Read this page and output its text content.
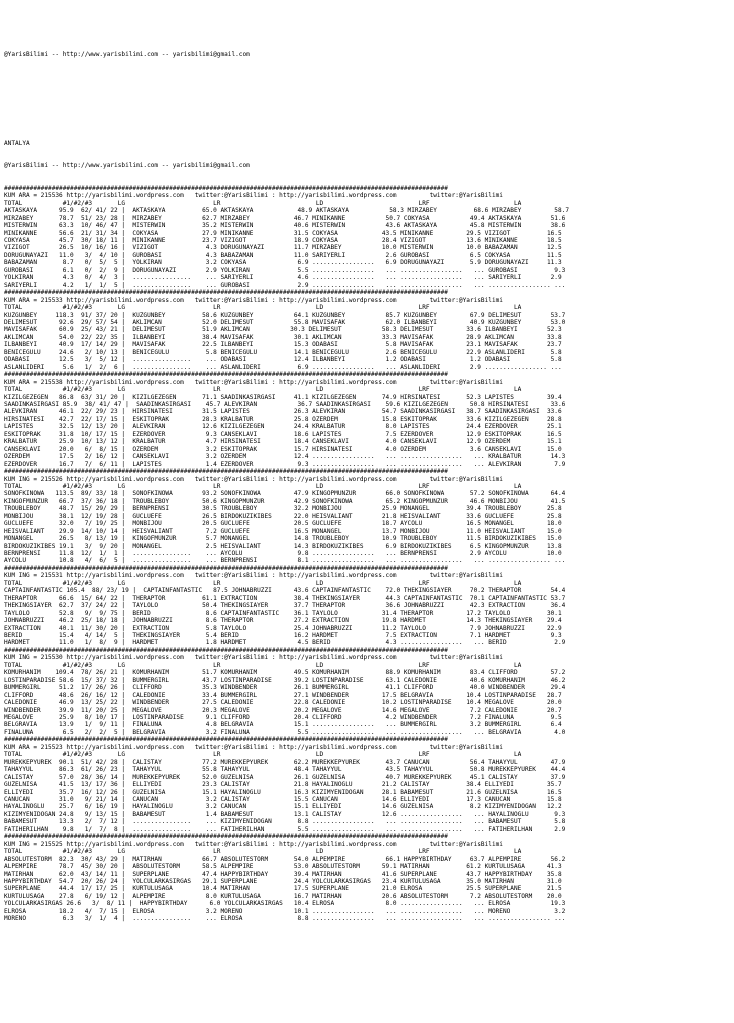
@YarisBilimi -- http://www.yarisbilimi.com -- yarisbilimi@gmail.com

ANTALYA

@YarisBilimi -- http://www.yarisbilimi.com -- yarisbilimi@gmail.com

#########################################################################################################################
KUM ARA = 215536 http://yarisbilimi.wordpress.com   twitter:@YarisBilimi : http://yarisbilimi.wordpress.com         twitter:@YarisBilimi
TOTAL           #1/#2/#3       LG                        LR                          LD                          LRF                       LA
AKTASKAYA      95.9  62/ 41/ 22 |  AKTASKAYA          65.0 AKTASKAYA            48.9 AKTASKAYA           58.3 MIRZABEY          68.6 MIRZABEY         58.7
MIRZABEY       78.7  51/ 23/ 28 |  MIRZABEY           62.7 MIRZABEY            46.7 MINIKANNE           50.7 COKYASA           49.4 AKTASKAYA        51.6
MISTERWIN      63.3  10/ 46/ 47 |  MISTERWIN          35.2 MISTERWIN           40.6 MISTERWIN           43.6 AKTASKAYA         45.8 MISTERWIN        38.6
MINIKANNE      56.6  21/ 31/ 34 |  COKYASA            27.9 MINIKANNE           31.5 COKYASA            43.5 MINIKANNE         29.5 VIZIGOT          16.5
COKYASA        45.7  30/ 18/ 11 |  MINIKANNE          23.7 VIZIGOT             18.9 COKYASA            28.4 VIZIGOT           13.6 MINIKANNE        18.5
VIZIGOT        26.5  10/ 16/ 16 |  VIZIGOT             4.3 DORUGUNAYAZI        11.7 MIRZABEY           10.0 MISTERWIN         10.0 BABAZAMAN        12.5
DORUGUNAYAZI   11.0   3/  4/ 10 |  GUROBASI            4.3 BABAZAMAN           11.0 SARIYERLI           2.6 GUROBASI           6.5 COKYASA          11.5
BABAZAMAN       8.7   0/  5/  5 |  YOLKIRAN            3.2 COKYASA              6.9 .................   6.9 DORUGUNAYAZI       5.9 DORUGUNAYAZI     11.3
GUROBASI        6.1   0/  2/  9 |  DORUGUNAYAZI        2.9 YOLKIRAN             5.5 .................   ... .................   ... GUROBASI          9.3
YOLKIRAN        4.3   0/  4/  3 |  ................    ... SARIYERLI            4.6 .................   ... .................   ... SARIYERLI        2.9
SARIYERLI       4.2   1/  1/  5 |  ................    ... GUROBASI             2.9 .................   ... .................   ... ................. ...
#########################################################################################################################
KUM ARA = 215533 http://yarisbilimi.wordpress.com   twitter:@YarisBilimi : http://yarisbilimi.wordpress.com         twitter:@YarisBilimi
TOTAL           #1/#2/#3       LG                        LR                          LD                          LRF                       LA
KUZGUNBEY     118.3  91/ 37/ 20 |  KUZGUNBEY          58.6 KUZGUNBEY           64.1 KUZGUNBEY           85.7 KUZGUNBEY         67.9 DELIMESUT        53.7
DELIMESUT      92.6  29/ 57/ 54 |  AKLIMCAN           52.0 DELIMESUT           55.8 MAVISAFAK           62.0 ILBANBEYI         40.9 KUZGUNBEY        53.0
MAVISAFAK      60.9  25/ 43/ 21 |  DELIMESUT          51.9 AKLIMCAN           30.3 DELIMESUT           58.3 DELIMESUT         33.6 ILBANBEYI        52.3
AKLIMCAN       54.0  22/ 22/ 35 |  ILBANBEYI          38.4 MAVISAFAK           30.1 AKLIMCAN           33.3 MAVISAFAK         28.9 AKLIMCAN         33.8
ILBANBEYI      40.9  17/ 14/ 29 |  MAVISAFAK          22.5 ILBANBEYI           15.3 ODABASI             5.8 MAVISAFAK         23.1 MAVISAFAK        23.7
BENICEGULU     24.6   2/ 10/ 13 |  BENICEGULU          5.8 BENICEGULU          14.1 BENICEGULU          2.6 BENICEGULU        22.9 ASLANLIDERI       5.8
ODABASI        12.5   3/  5/ 12 |  ................    ... ODABASI             12.4 ILBANBEYI           1.2 ODABASI            1.2 ODABASI           5.8
ASLANLIDERI     5.6   1/  2/  6 |  ................    ... ASLANLIDERI          6.9 .................   ... ASLANLIDERI        2.9 ................. ...
#########################################################################################################################
KUM ARA = 215538 http://yarisbilimi.wordpress.com   twitter:@YarisBilimi : http://yarisbilimi.wordpress.com         twitter:@YarisBilimi
TOTAL           #1/#2/#3       LG                        LR                          LD                          LRF                       LA
KIZILGEZEGEN   86.8  63/ 31/ 20 |  KIZILGEZEGEN       71.1 SAADINKASIRGASI     41.1 KIZILGEZEGEN       74.9 HIRSINATESI       52.3 LAPISTES         39.4
SAADINKASIRGASI 85.9  38/ 41/ 47 |  SAADINKASIRGASI    45.7 ALEVKIRAN           36.7 SAADINKASIRGASI    59.6 KIZILGEZEGEN      50.8 HIRSINATESI      33.6
ALEVKIRAN      46.1  22/ 29/ 23 |  HIRSINATESI        31.5 LAPISTES            26.3 ALEVKIRAN          54.7 SAADINKASIRGASI   38.7 SAADINKASIRGASI  33.6
HIRSINATESI    42.7  22/ 17/ 15 |  ESKITOPRAK         28.3 KRALBATUR           25.8 OZERDEM            15.8 ESKITOPRAK        33.6 KIZILGEZEGEN     28.8
LAPISTES       32.5  12/ 13/ 20 |  ALEVKIRAN          12.6 KIZILGEZEGEN        24.4 KRALBATUR           8.0 LAPISTES          24.4 EZERDOVER        25.1
ESKITOPRAK     31.8  10/ 17/ 15 |  EZERDOVER           9.3 CANSEKLAVI          18.6 LAPISTES            7.5 EZERDOVER         12.9 ESKITOPRAK       16.5
KRALBATUR      25.9  10/ 13/ 12 |  KRALBATUR           4.7 HIRSINATESI         18.4 CANSEKLAVI          4.0 CANSEKLAVI        12.9 OZERDEM          15.1
CANSEKLAVI     20.0   6/  8/ 15 |  OZERDEM             3.2 ESKITOPRAK          15.7 HIRSINATESI         4.0 OZERDEM            3.6 CANSEKLAVI       15.0
OZERDEM        17.5   2/ 16/ 12 |  CANSEKLAVI          3.2 OZERDEM             12.4 .................   ... .................   ... KRALBATUR        14.3
EZERDOVER      16.7   7/  6/ 11 |  LAPISTES            1.4 EZERDOVER            9.3 .................   ... .................   ... ALEVKIRAN         7.9
#########################################################################################################################
KUM ING = 215526 http://yarisbilimi.wordpress.com   twitter:@YarisBilimi : http://yarisbilimi.wordpress.com         twitter:@YarisBilimi
TOTAL           #1/#2/#3       LG                        LR                          LD                          LRF                       LA
SONOFKINOWA   113.5  89/ 33/ 18 |  SONOFKINOWA        93.2 SONOFKINOWA         47.9 KINGOPMUNZUR        66.0 SONOFKINOWA       57.2 SONOFKINOWA      64.4
KINGOFMUNZUR   66.7  37/ 36/ 18 |  TROUBLEBOY         50.6 KINGOPMUNZUR        42.9 SONOFKINOWA         65.2 KINGOPMUNZUR      46.6 MONBIJOU         41.5
TROUBLEBOY     48.7  15/ 29/ 29 |  BERNPRENSI         30.5 TROUBLEBOY          32.2 MONBIJOU           25.9 MONANGEL          39.4 TROUBLEBOY       25.8
MONBIJOU       38.1  12/ 19/ 28 |  GUCLUEFE           26.5 BIRDOKUZIKIBES      22.0 HEISVALIANT        21.8 HEISVALIANT       33.6 GUCLUEFE         25.8
GUCLUEFE       32.0   7/ 19/ 25 |  MONBIJOU           20.5 GUCLUEFE            20.5 GUCLUEFE           18.7 AYCOLU            16.5 MONANGEL         18.0
HEISVALIANT    29.9  14/ 10/ 14 |  HEISVALIANT         7.2 GUCLUEFE            16.5 MONANGEL           13.7 MONBIJOU          11.0 HEISVALIANT      15.0
MONANGEL       26.5   8/ 13/ 19 |  KINGOFMUNZUR        5.7 MONANGEL            14.8 TROUBLEBOY         10.9 TROUBLEBOY        11.5 BIRDOKUZIKIBES   15.0
BIRDOKUZIKIBES 19.1   3/  9/ 20 |  MONANGEL            2.5 HEISVALIANT         14.3 BIRDOKUZIKIBES      6.9 BIRDOKUZIKIBES     6.5 KINGOPMUNZUR     13.8
BERNPRENSI     11.8  12/  1/  1 |  ................    ... AYCOLU               9.8 .................   ... BERNPRENSI         2.9 AYCOLU           10.0
AYCOLU         10.8   4/  6/  5 |  ................    ... BERNPRENSI           8.1 .................   ... .................   ... ................. ...
#########################################################################################################################
KUM ING = 215531 http://yarisbilimi.wordpress.com   twitter:@YarisBilimi : http://yarisbilimi.wordpress.com         twitter:@YarisBilimi
TOTAL           #1/#2/#3       LG                        LR                          LD                          LRF                       LA
CAPTAINFANTASTIC 105.4  88/ 23/ 19 |  CAPTAINFANTASTIC   87.5 JOHNABRUZZI      43.6 CAPTAINFANTASTIC    72.0 THEKINGSIAYER     70.2 THERAPTOR        54.4
THERAPTOR      66.6  15/ 64/ 22 |  THERAPTOR          61.1 EXTRACTION          38.4 THEKINGSIAYER       44.3 CAPTAINFANTASTIC  70.1 CAPTAINFANTASTIC 53.7
THEKINGSIAYER  62.7  37/ 24/ 22 |  TAYLOLO            50.4 THEKINGSIAYER       37.7 THERAPTOR           36.6 JOHNABRUZZI       42.3 EXTRACTION       36.4
TAYLOLO        52.8   9/  9/ 75 |  BERID               8.6 CAPTAINFANTASTIC    36.1 TAYLOLO            31.4 THERAPTOR         17.2 TAYLOLO          30.1
JOHNABRUZZI    46.2  25/ 18/ 18 |  JOHNABRUZZI         8.6 THERAPTOR           27.2 EXTRACTION         19.8 HARDMET           14.3 THEKINGSIAYER    29.4
EXTRACTION     40.1  11/ 30/ 20 |  EXTRACTION          5.8 TAYLOLO             25.4 JOHNABRUZZI        11.2 TAYLOLO            7.9 JOHNABRUZZI      22.9
BERID          15.4   4/ 14/  5 |  THEKINGSIAYER       5.4 BERID               16.2 HARDMET             7.5 EXTRACTION         7.1 HARDMET           9.3
HARDMET        11.0   1/  8/  9 |  HARDMET             1.8 HARDMET              4.5 BERID               4.3 .................   ... BERID             2.9
#########################################################################################################################
KUM ING = 215530 http://yarisbilimi.wordpress.com   twitter:@YarisBilimi : http://yarisbilimi.wordpress.com         twitter:@YarisBilimi
TOTAL           #1/#2/#3       LG                        LR                          LD                          LRF                       LA
KOMURHANIM    109.4  78/ 26/ 21 |  KOMURHANIM         51.7 KOMURHANIM          49.5 KOMURHANIM          88.9 KOMURHANIM        83.4 CLIFFORD         57.2
LOSTINPARADISE 58.6  15/ 37/ 32 |  BUMMERGIRL         43.7 LOSTINPARADISE      39.2 LOSTINPARADISE      63.1 CALEDONIE         40.6 KOMURHANIM       46.2
BUMMERGIRL     51.2  17/ 26/ 26 |  CLIFFORD           35.3 WINDBENDER          26.1 BUMMERGIRL          41.1 CLIFFORD          40.0 WINDBENDER       29.4
CLIFFORD       48.6  26/ 16/ 12 |  CALEDONIE          33.4 BUMMERGIRL          27.1 WINDBENDER         17.5 BELGRAVIA         10.4 LOSTINPARADISE   28.7
CALEDONIE      46.9  13/ 25/ 22 |  WINDBENDER         27.5 CALEDONIE           22.8 CALEDONIE          10.2 LOSTINPARADISE    10.4 MEGALOVE         20.0
WINDBENDER     39.9  11/ 20/ 25 |  MEGALOVE           20.3 MEGALOVE            20.2 MEGALOVE           14.6 MEGALOVE           7.2 CALEDONIE        20.7
MEGALOVE       25.9   8/ 10/ 17 |  LOSTINPARADISE      9.1 CLIFFORD            20.4 CLIFFORD            4.2 WINDBENDER         7.2 FINALUNA          9.5
BELGRAVIA      13.9   1/  9/ 11 |  FINALUNA            4.8 BELGRAVIA           15.1 .................   ... BUMMERGIRL         3.2 BUMMERGIRL        6.4
FINALUNA        6.5   2/  2/  5 |  BELGRAVIA           3.2 FINALUNA             5.5 .................   ... .................   ... BELGRAVIA         4.0
#########################################################################################################################
KUM ARA = 215523 http://yarisbilimi.wordpress.com   twitter:@YarisBilimi : http://yarisbilimi.wordpress.com         twitter:@YarisBilimi
TOTAL           #1/#2/#3       LG                        LR                          LD                          LRF                       LA
MUREKKEPYUREK  90.1  51/ 42/ 28 |  CALISTAY           77.2 MUREKKEPYUREK       62.2 MUREKKEPYUREK       43.7 CANUCAN           56.4 TAHAYYUL         47.9
TAHAYYUL       86.3  61/ 26/ 23 |  TAHAYYUL           55.8 TAHAYYUL            48.4 TAHAYYUL            43.5 TAHAYYUL          50.8 MUREKKEPYUREK    44.4
CALISTAY       57.0  28/ 36/ 14 |  MUREKKEPYUREK      52.0 GUZELNISA           26.1 GUZELNISA           40.7 MUREKKEPYUREK     45.1 CALISTAY         37.9
GUZELNISA      41.5  13/ 17/ 36 |  ELLIYEDI           23.3 CALISTAY            21.8 HAYALINOGLU        21.2 CALISTAY          38.4 ELLIYEDI         35.7
ELLIYEDI       35.7  16/ 12/ 26 |  GUZELNISA          15.1 HAYALINOGLU         16.3 KIZIMYENIDOGAN     28.1 BABAMESUT         21.6 GUZELNISA        16.5
CANUCAN        31.0   9/ 21/ 14 |  CANUCAN             3.2 CALISTAY            15.5 CANUCAN            14.6 ELLIYEDI          17.3 CANUCAN          15.8
HAYALINOGLU    25.7   6/ 16/ 19 |  HAYALINOGLU         3.2 CANUCAN             15.1 ELLIYEDI           14.6 GUZELNISA          8.2 KIZIMYENIDOGAN   12.2
KIZIMYENIDOGAN 24.8   9/ 13/ 15 |  BABAMESUT           1.4 BABAMESUT           13.1 CALISTAY           12.6 .................   ... HAYALINOGLU       9.3
BABAMESUT      13.3   2/  7/ 12 |  ................    ... KIZIMYENIDOGAN       8.8 .................   ... .................   ... BABAMESUT         5.8
FATIHERILHAN    9.8   1/  7/  8 |  ................    ... FATIHERILHAN         5.5 .................   ... .................   ... FATIHERILHAN      2.9
#########################################################################################################################
KUM ING = 215525 http://yarisbilimi.wordpress.com   twitter:@YarisBilimi : http://yarisbilimi.wordpress.com         twitter:@YarisBilimi
TOTAL           #1/#2/#3       LG                        LR                          LD                          LRF                       LA
ABSOLUTESTORM  82.3  30/ 43/ 29 |  MATIRHAN           66.7 ABSOLUTESTORM       54.0 ALPEMPIRE           66.1 HAPPYBIRTHDAY     63.7 ALPEMPIRE        56.2
ALPEMPIRE      78.7  45/ 30/ 20 |  ABSOLUTESTORM      58.5 ALPEMPIRE           53.0 ABSOLUTESTORM      59.1 MATIRHAN          61.2 KURTULUSAGA      41.3
MATIRHAN       62.0  43/ 14/ 11 |  SUPERPLANE         47.4 HAPPYBIRTHDAY       39.4 MATIRHAN           41.6 SUPERPLANE        43.7 HAPPYBIRTHDAY    35.8
HAPPYBIRTHDAY  54.7  20/ 26/ 24 |  YOLCULARKASIRGAS   29.1 SUPERPLANE          24.4 YOLCULARKASIRGAS   23.4 KURTULUSAGA       35.0 MATIRHAN         31.0
SUPERPLANE     44.4  17/ 17/ 25 |  KURTULUSAGA        10.4 MATIRHAN            17.5 SUPERPLANE         21.0 ELROSA            25.5 SUPERPLANE       21.5
KURTULUSAGA    27.8   6/ 19/ 12 |  ALPEMPIRE           8.0 KURTULUSAGA         16.7 MATIRHAN           20.6 ABSOLUTESTORM      7.2 ABSOLUTESTORM    20.0
YOLCULARKASIRGAS 26.6   3/  8/ 11 |  HAPPYBIRTHDAY      6.0 YOLCULARKASIRGAS   10.4 ELROSA              8.0 .................   ... ELROSA           19.3
ELROSA         18.2   4/  7/ 15 |  ELROSA              3.2 MORENO              10.1 .................   ... .................   ... MORENO            3.2
MORENO          6.3   3/  1/  4 |  ................    ... ELROSA               8.8 .................   ... .................   ... ................. ...
